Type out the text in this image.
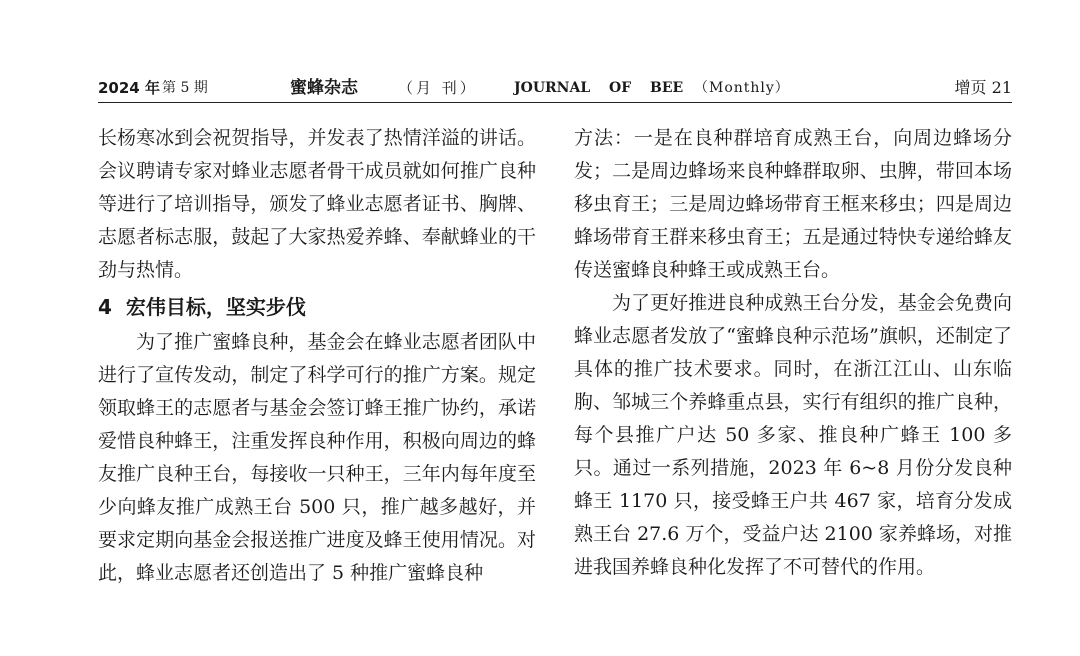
2024 年 第 5 期	蜜蜂杂志	（月 刊）	JOURNAL OF BEE （Monthly）	增页 21

长杨寒冰到会祝贺指导，并发表了热情洋溢的讲话。会议聘请专家对蜂业志愿者骨干成员就如何推广良种等进行了培训指导，颁发了蜂业志愿者证书、胸牌、志愿者标志服，鼓起了大家热爱养蜂、奉献蜂业的干劲与热情。

4 宏伟目标，坚实步伐

为了推广蜜蜂良种，基金会在蜂业志愿者团队中进行了宣传发动，制定了科学可行的推广方案。规定领取蜂王的志愿者与基金会签订蜂王推广协约，承诺爱惜良种蜂王，注重发挥良种作用，积极向周边的蜂友推广良种王台，每接收一只种王，三年内每年度至少向蜂友推广成熟王台 500 只，推广越多越好，并要求定期向基金会报送推广进度及蜂王使用情况。对此，蜂业志愿者还创造出了 5 种推广蜜蜂良种

方法：一是在良种群培育成熟王台，向周边蜂场分发；二是周边蜂场来良种蜂群取卵、虫脾，带回本场移虫育王；三是周边蜂场带育王框来移虫；四是周边蜂场带育王群来移虫育王；五是通过特快专递给蜂友传送蜜蜂良种蜂王或成熟王台。

为了更好推进良种成熟王台分发，基金会免费向蜂业志愿者发放了“蜜蜂良种示范场”旗帜，还制定了具体的推广技术要求。同时，在浙江江山、山东临朐、邹城三个养蜂重点县，实行有组织的推广良种，每个县推广户达 50 多家、推良种广蜂王 100 多只。通过一系列措施，2023 年 6~8 月份分发良种蜂王 1170 只，接受蜂王户共 467 家，培育分发成熟王台 27.6 万个，受益户达 2100 家养蜂场，对推进我国养蜂良种化发挥了不可替代的作用。
